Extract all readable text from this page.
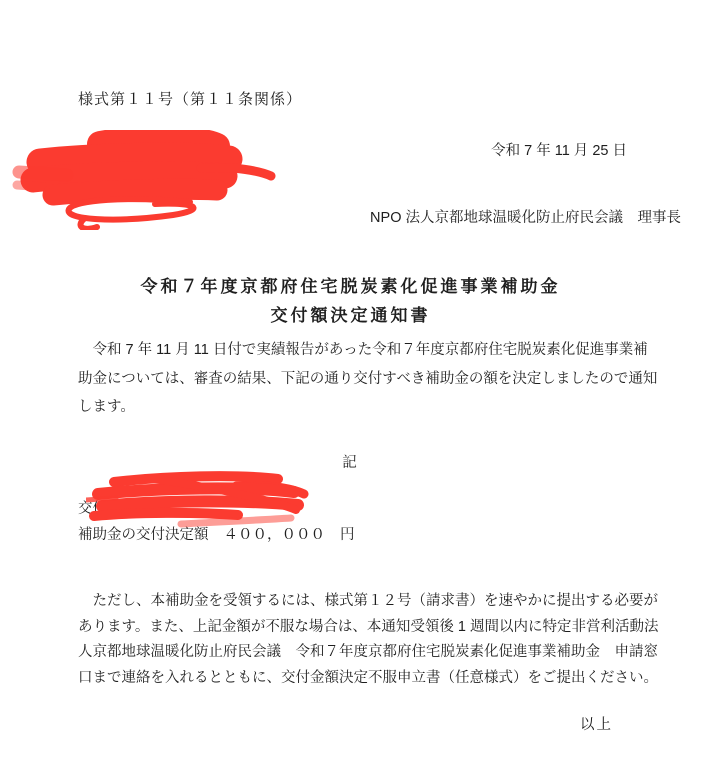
様式第１１号（第１１条関係）
令和 7 年 11 月 25 日
NPO 法人京都地球温暖化防止府民会議　理事長
令和７年度京都府住宅脱炭素化促進事業補助金
交付額決定通知書
　令和 7 年 11 月 11 日付で実績報告があった令和７年度京都府住宅脱炭素化促進事業補
助金については、審査の結果、下記の通り交付すべき補助金の額を決定しましたので通知
します。
記
交付決定番号
補助金の交付決定額 ４００，０００ 円
　ただし、本補助金を受領するには、様式第１２号（請求書）を速やかに提出する必要が
あります。また、上記金額が不服な場合は、本通知受領後 1 週間以内に特定非営利活動法
人京都地球温暖化防止府民会議　令和７年度京都府住宅脱炭素化促進事業補助金　申請窓
口まで連絡を入れるとともに、交付金額決定不服申立書（任意様式）をご提出ください。
以上
